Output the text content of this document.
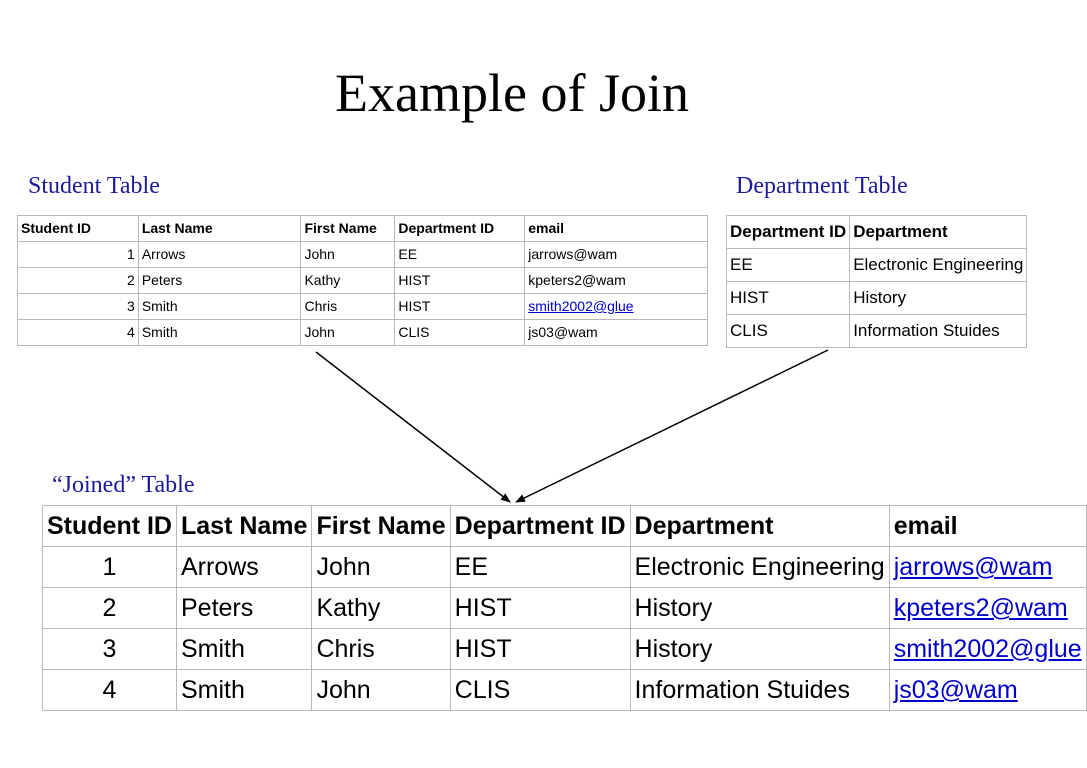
Example of Join
Student Table	Department Table
“Joined” Table
Student ID	Last Name	First Name	Department ID	email
1	Arrows	John	EE	jarrows@wam
2	Peters	Kathy	HIST	kpeters2@wam
3	Smith	Chris	HIST	smith2002@glue
4	Smith	John	CLIS	js03@wam
Department ID	Department
EE	Electronic Engineering
HIST	History
CLIS	Information Stuides
Student ID	Last Name	First Name	Department ID	Department	email
1	Arrows	John	EE	Electronic Engineering	jarrows@wam
2	Peters	Kathy	HIST	History	kpeters2@wam
3	Smith	Chris	HIST	History	smith2002@glue
4	Smith	John	CLIS	Information Stuides	js03@wam
